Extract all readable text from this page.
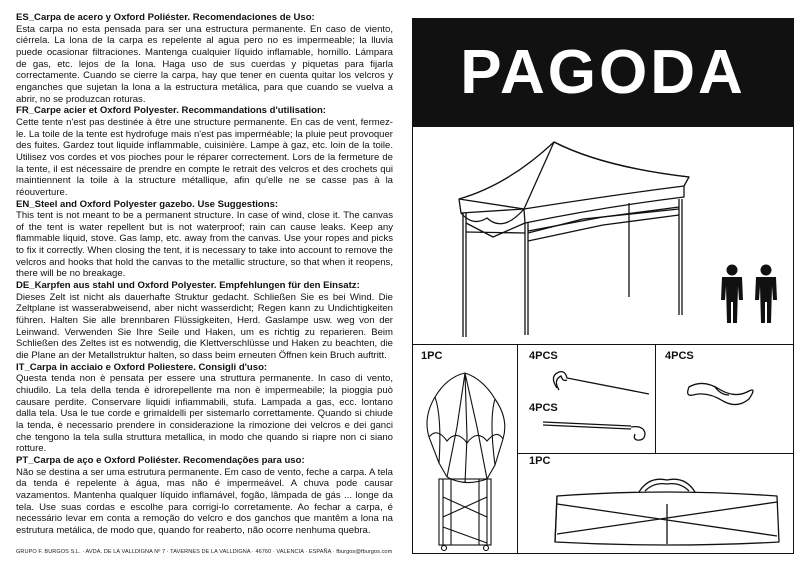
ES_Carpa de acero y Oxford Poliéster. Recomendaciones de Uso:

Esta carpa no esta pensada para ser una estructura permanente. En caso de viento, ciérrela. La lona de la carpa es repelente al agua pero no es impermeable; la lluvia puede ocasionar filtraciones. Mantenga cualquier líquido inflamable, hornillo. Lámpara de gas, etc. lejos de la lona. Haga uso de sus cuerdas y piquetas para fijarla correctamente. Cuando se cierre la carpa, hay que tener en cuenta quitar los velcros y enganches que sujetan la lona a la estructura metálica, para que cuando se vuelva a abrir, no se produzcan roturas.

FR_Carpe acier et Oxford Polyester. Recommandations d'utilisation:

Cette tente n'est pas destinée à être une structure permanente. En cas de vent, fermez-le. La toile de la tente est hydrofuge mais n'est pas imperméable; la pluie peut provoquer des fuites. Gardez tout liquide inflammable, cuisinière. Lampe à gaz, etc. loin de la toile. Utilisez vos cordes et vos pioches pour le réparer correctement. Lors de la fermeture de la tente, il est nécessaire de prendre en compte le retrait des velcros et des crochets qui maintiennent la toile à la structure métallique, afin qu'elle ne se casse pas à la réouverture.

EN_Steel and Oxford Polyester gazebo. Use Suggestions:

This tent is not meant to be a permanent structure. In case of wind, close it. The canvas of the tent is water repellent but is not waterproof; rain can cause leaks. Keep any flammable liquid, stove. Gas lamp, etc. away from the canvas. Use your ropes and picks to fix it correctly. When closing the tent, it is necessary to take into account to remove the velcros and hooks that hold the canvas to the metallic structure, so that when it reopens, there will be no breakage.

DE_Karpfen aus stahl und Oxford Polyester. Empfehlungen für den Einsatz:

Dieses Zelt ist nicht als dauerhafte Struktur gedacht. Schließen Sie es bei Wind. Die Zeltplane ist wasserabweisend, aber nicht wasserdicht; Regen kann zu Undichtigkeiten führen. Halten Sie alle brennbaren Flüssigkeiten, Herd. Gaslampe usw. weg von der Leinwand. Verwenden Sie Ihre Seile und Haken, um es richtig zu reparieren. Beim Schließen des Zeltes ist es notwendig, die Klettverschlüsse und Haken zu beachten, die die Plane an der Metallstruktur halten, so dass beim erneuten Öffnen kein Bruch auftritt.

IT_Carpa in acciaio e Oxford Poliestere. Consigli d'uso:

Questa tenda non è pensata per essere una struttura permanente. In caso di vento, chiudilo. La tela della tenda è idrorepellente ma non è impermeabile; la pioggia può causare perdite. Conservare liquidi infiammabili, stufa. Lampada a gas, ecc. lontano dalla tela. Usa le tue corde e grimaldelli per sistemarlo correttamente. Quando si chiude la tenda, è necessario prendere in considerazione la rimozione dei velcros e dei ganci che tengono la tela sulla struttura metallica, in modo che quando si riapre non ci siano rotture.

PT_Carpa de aço e Oxford Poliéster. Recomendações para uso:

Não se destina a ser uma estrutura permanente. Em caso de vento, feche a carpa. A tela da tenda é repelente à água, mas não é impermeável. A chuva pode causar vazamentos. Mantenha qualquer líquido inflamável, fogão, lâmpada de gás ... longe da tela. Use suas cordas e escolhe para corrigi-lo corretamente. Ao fechar a carpa, é necessário levar em conta a remoção do velcro e dos ganchos que mantêm a lona na estrutura metálica, de modo que, quando for reaberto, não ocorre nenhuma quebra.

GRUPO F. BURGOS S.L. · AVDA. DE LA VALLDIGNA Nº 7 · TAVERNES DE LA VALLDIGNA · 46760 · VALENCIA · ESPAÑA · fburgos@fburgos.com
PAGODA
1PC	4PCS	4PCS
4PCS
1PC
